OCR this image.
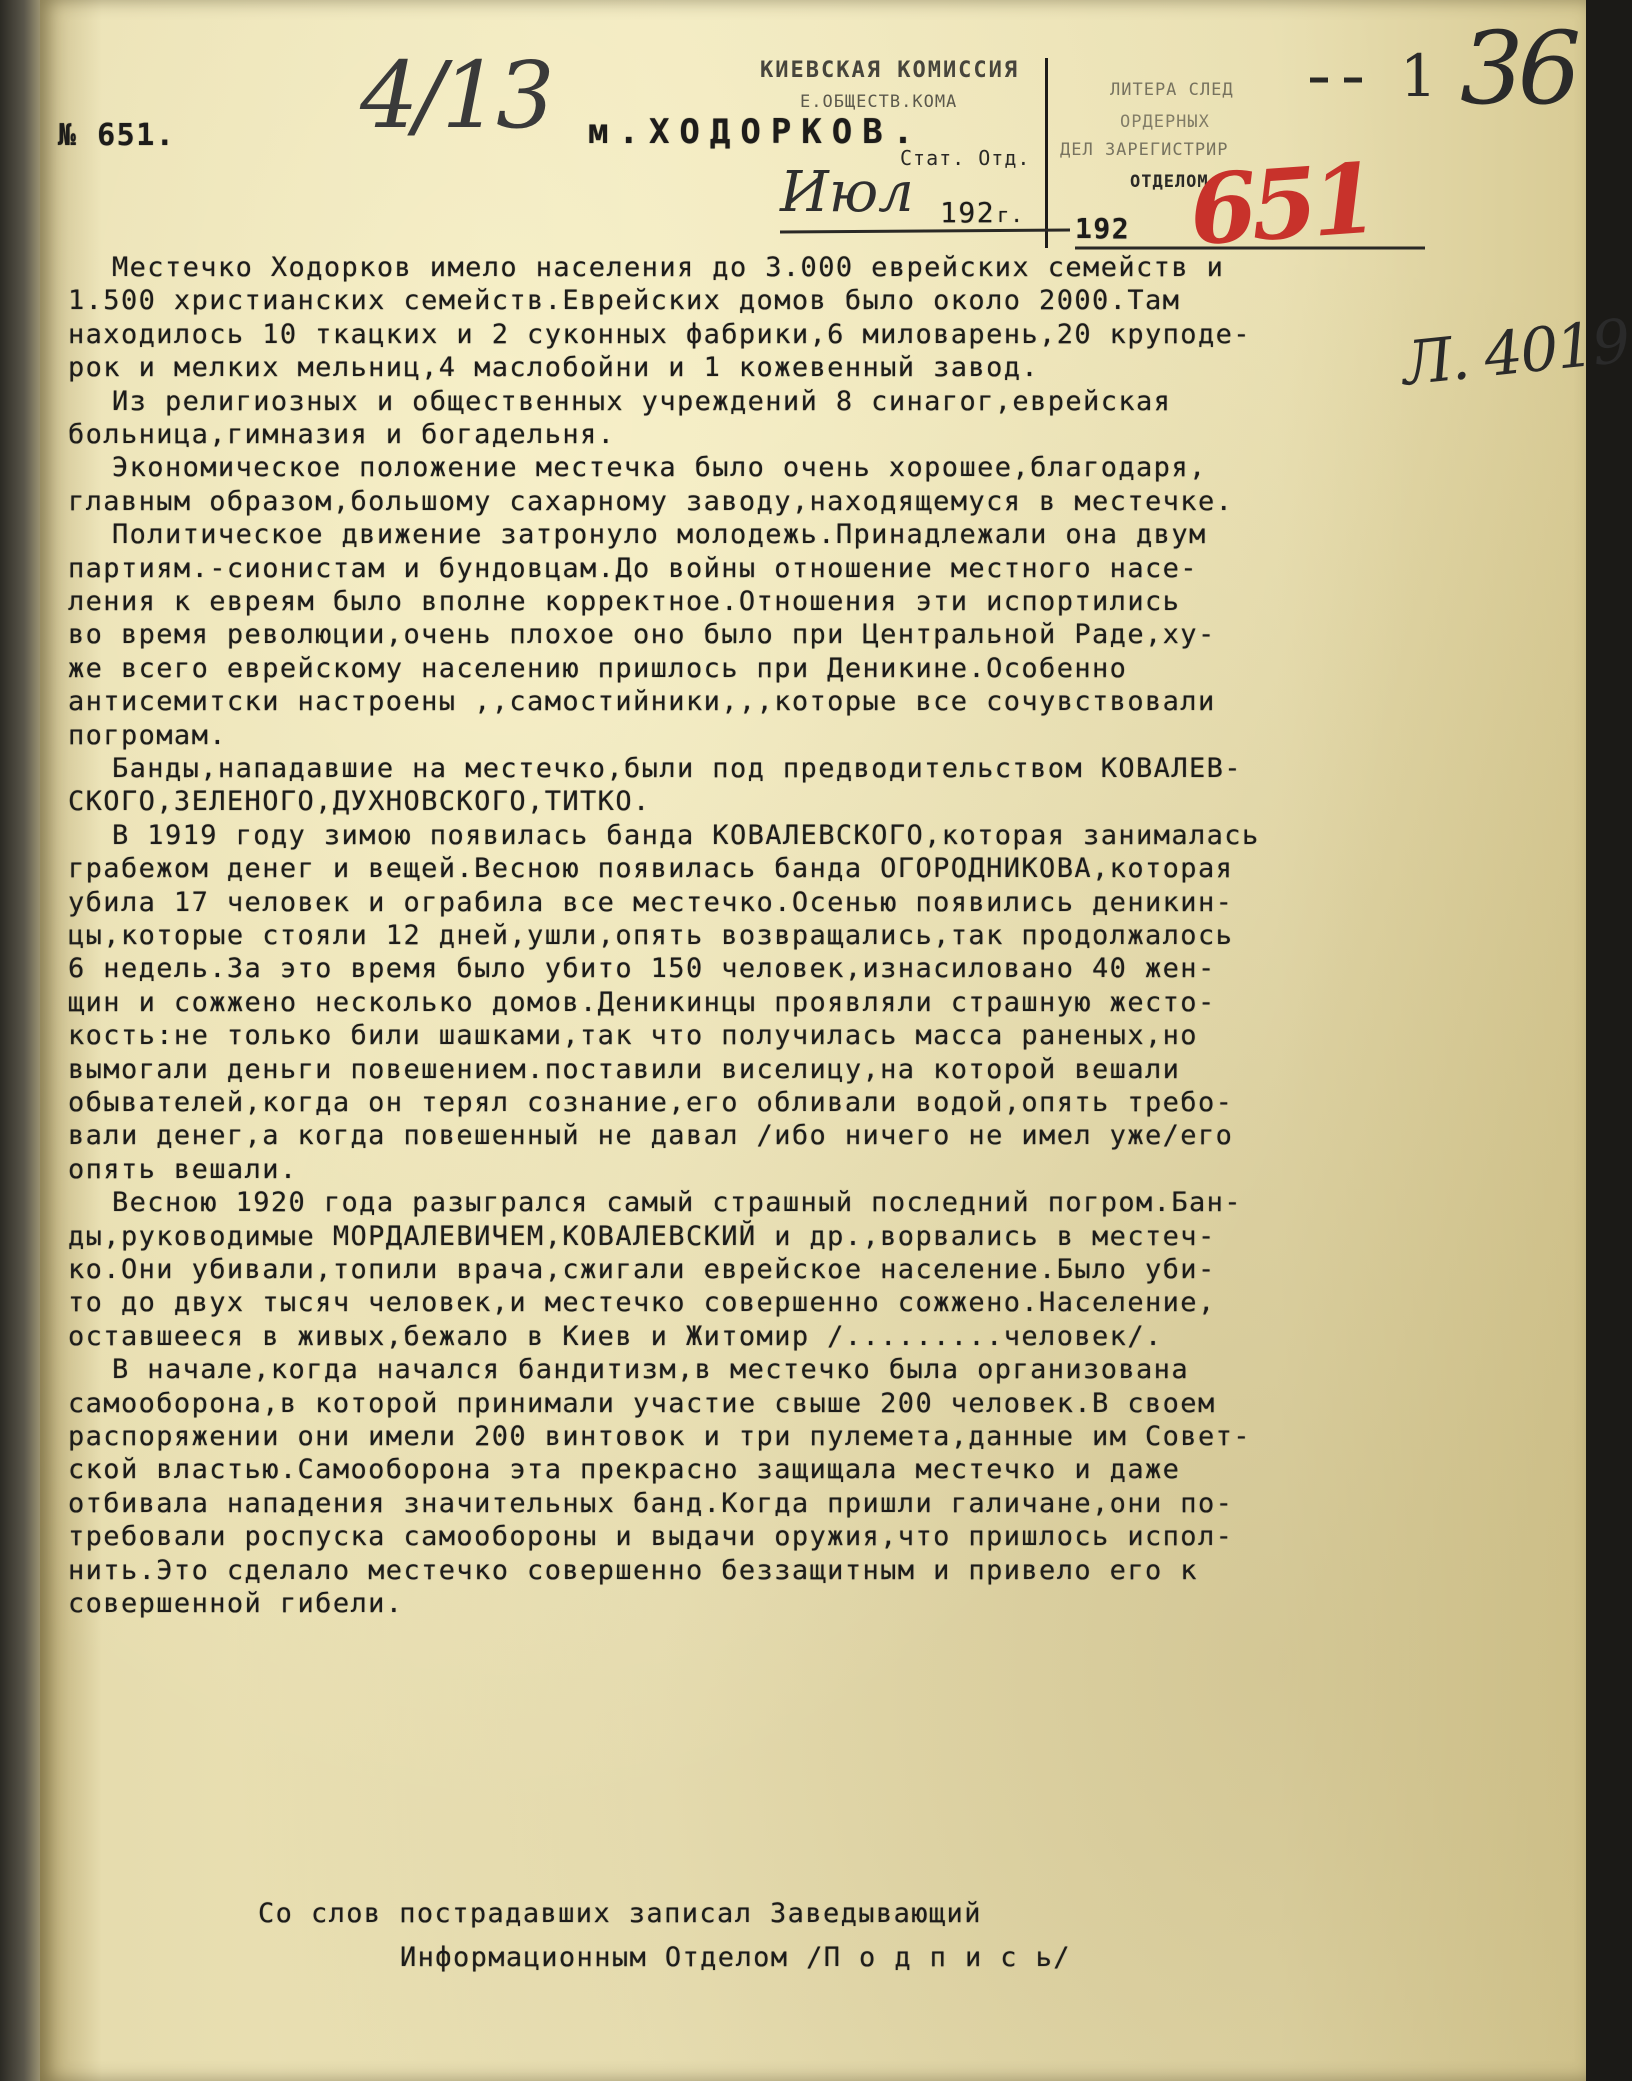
№ 651. 4/13 м.ХОДОРКОВ.
КИЕВСКАЯ КОМИССИЯ
Е.ОБЩЕСТВ.КОМА
Стат. Отд.
ЛИТЕРА СЛЕД
ОРДЕРНЫХ
ДЕЛ ЗАРЕГИСТРИР
ОТДЕЛОМ
Июл 192 г. 192 651
1 36
Л. 4019
Местечко Ходорков имело населения до 3.000 еврейских семейств и
1.500 христианских семейств.Еврейских домов было около 2000.Там
находилось 10 ткацких и 2 суконных фабрики,6 миловарень,20 круподе-
рок и мелких мельниц,4 маслобойни и 1 кожевенный завод.
Из религиозных и общественных учреждений 8 синагог,еврейская
больница,гимназия и богадельня.
Экономическое положение местечка было очень хорошее,благодаря,
главным образом,большому сахарному заводу,находящемуся в местечке.
Политическое движение затронуло молодежь.Принадлежали она двум
партиям.-сионистам и бундовцам.До войны отношение местного насе-
ления к евреям было вполне корректное.Отношения эти испортились
во время революции,очень плохое оно было при Центральной Раде,ху-
же всего еврейскому населению пришлось при Деникине.Особенно
антисемитски настроены ,,самостийники,,,которые все сочувствовали
погромам.
Банды,нападавшие на местечко,были под предводительством КОВАЛЕВ-
СКОГО,ЗЕЛЕНОГО,ДУХНОВСКОГО,ТИТКО.
В 1919 году зимою появилась банда КОВАЛЕВСКОГО,которая занималась
грабежом денег и вещей.Весною появилась банда ОГОРОДНИКОВА,которая
убила 17 человек и ограбила все местечко.Осенью появились деникин-
цы,которые стояли 12 дней,ушли,опять возвращались,так продолжалось
6 недель.За это время было убито 150 человек,изнасиловано 40 жен-
щин и сожжено несколько домов.Деникинцы проявляли страшную жесто-
кость:не только били шашками,так что получилась масса раненых,но
вымогали деньги повешением.поставили виселицу,на которой вешали
обывателей,когда он терял сознание,его обливали водой,опять требо-
вали денег,а когда повешенный не давал /ибо ничего не имел уже/его
опять вешали.
Весною 1920 года разыгрался самый страшный последний погром.Бан-
ды,руководимые МОРДАЛЕВИЧЕМ,КОВАЛЕВСКИЙ и др.,ворвались в местеч-
ко.Они убивали,топили врача,сжигали еврейское население.Было уби-
то до двух тысяч человек,и местечко совершенно сожжено.Население,
оставшееся в живых,бежало в Киев и Житомир /.........человек/.
В начале,когда начался бандитизм,в местечко была организована
самооборона,в которой принимали участие свыше 200 человек.В своем
распоряжении они имели 200 винтовок и три пулемета,данные им Совет-
ской властью.Самооборона эта прекрасно защищала местечко и даже
отбивала нападения значительных банд.Когда пришли галичане,они по-
требовали роспуска самообороны и выдачи оружия,что пришлось испол-
нить.Это сделало местечко совершенно беззащитным и привело его к
совершенной гибели.
Со слов пострадавших записал Заведывающий
Информационным Отделом /П о д п и с ь/
